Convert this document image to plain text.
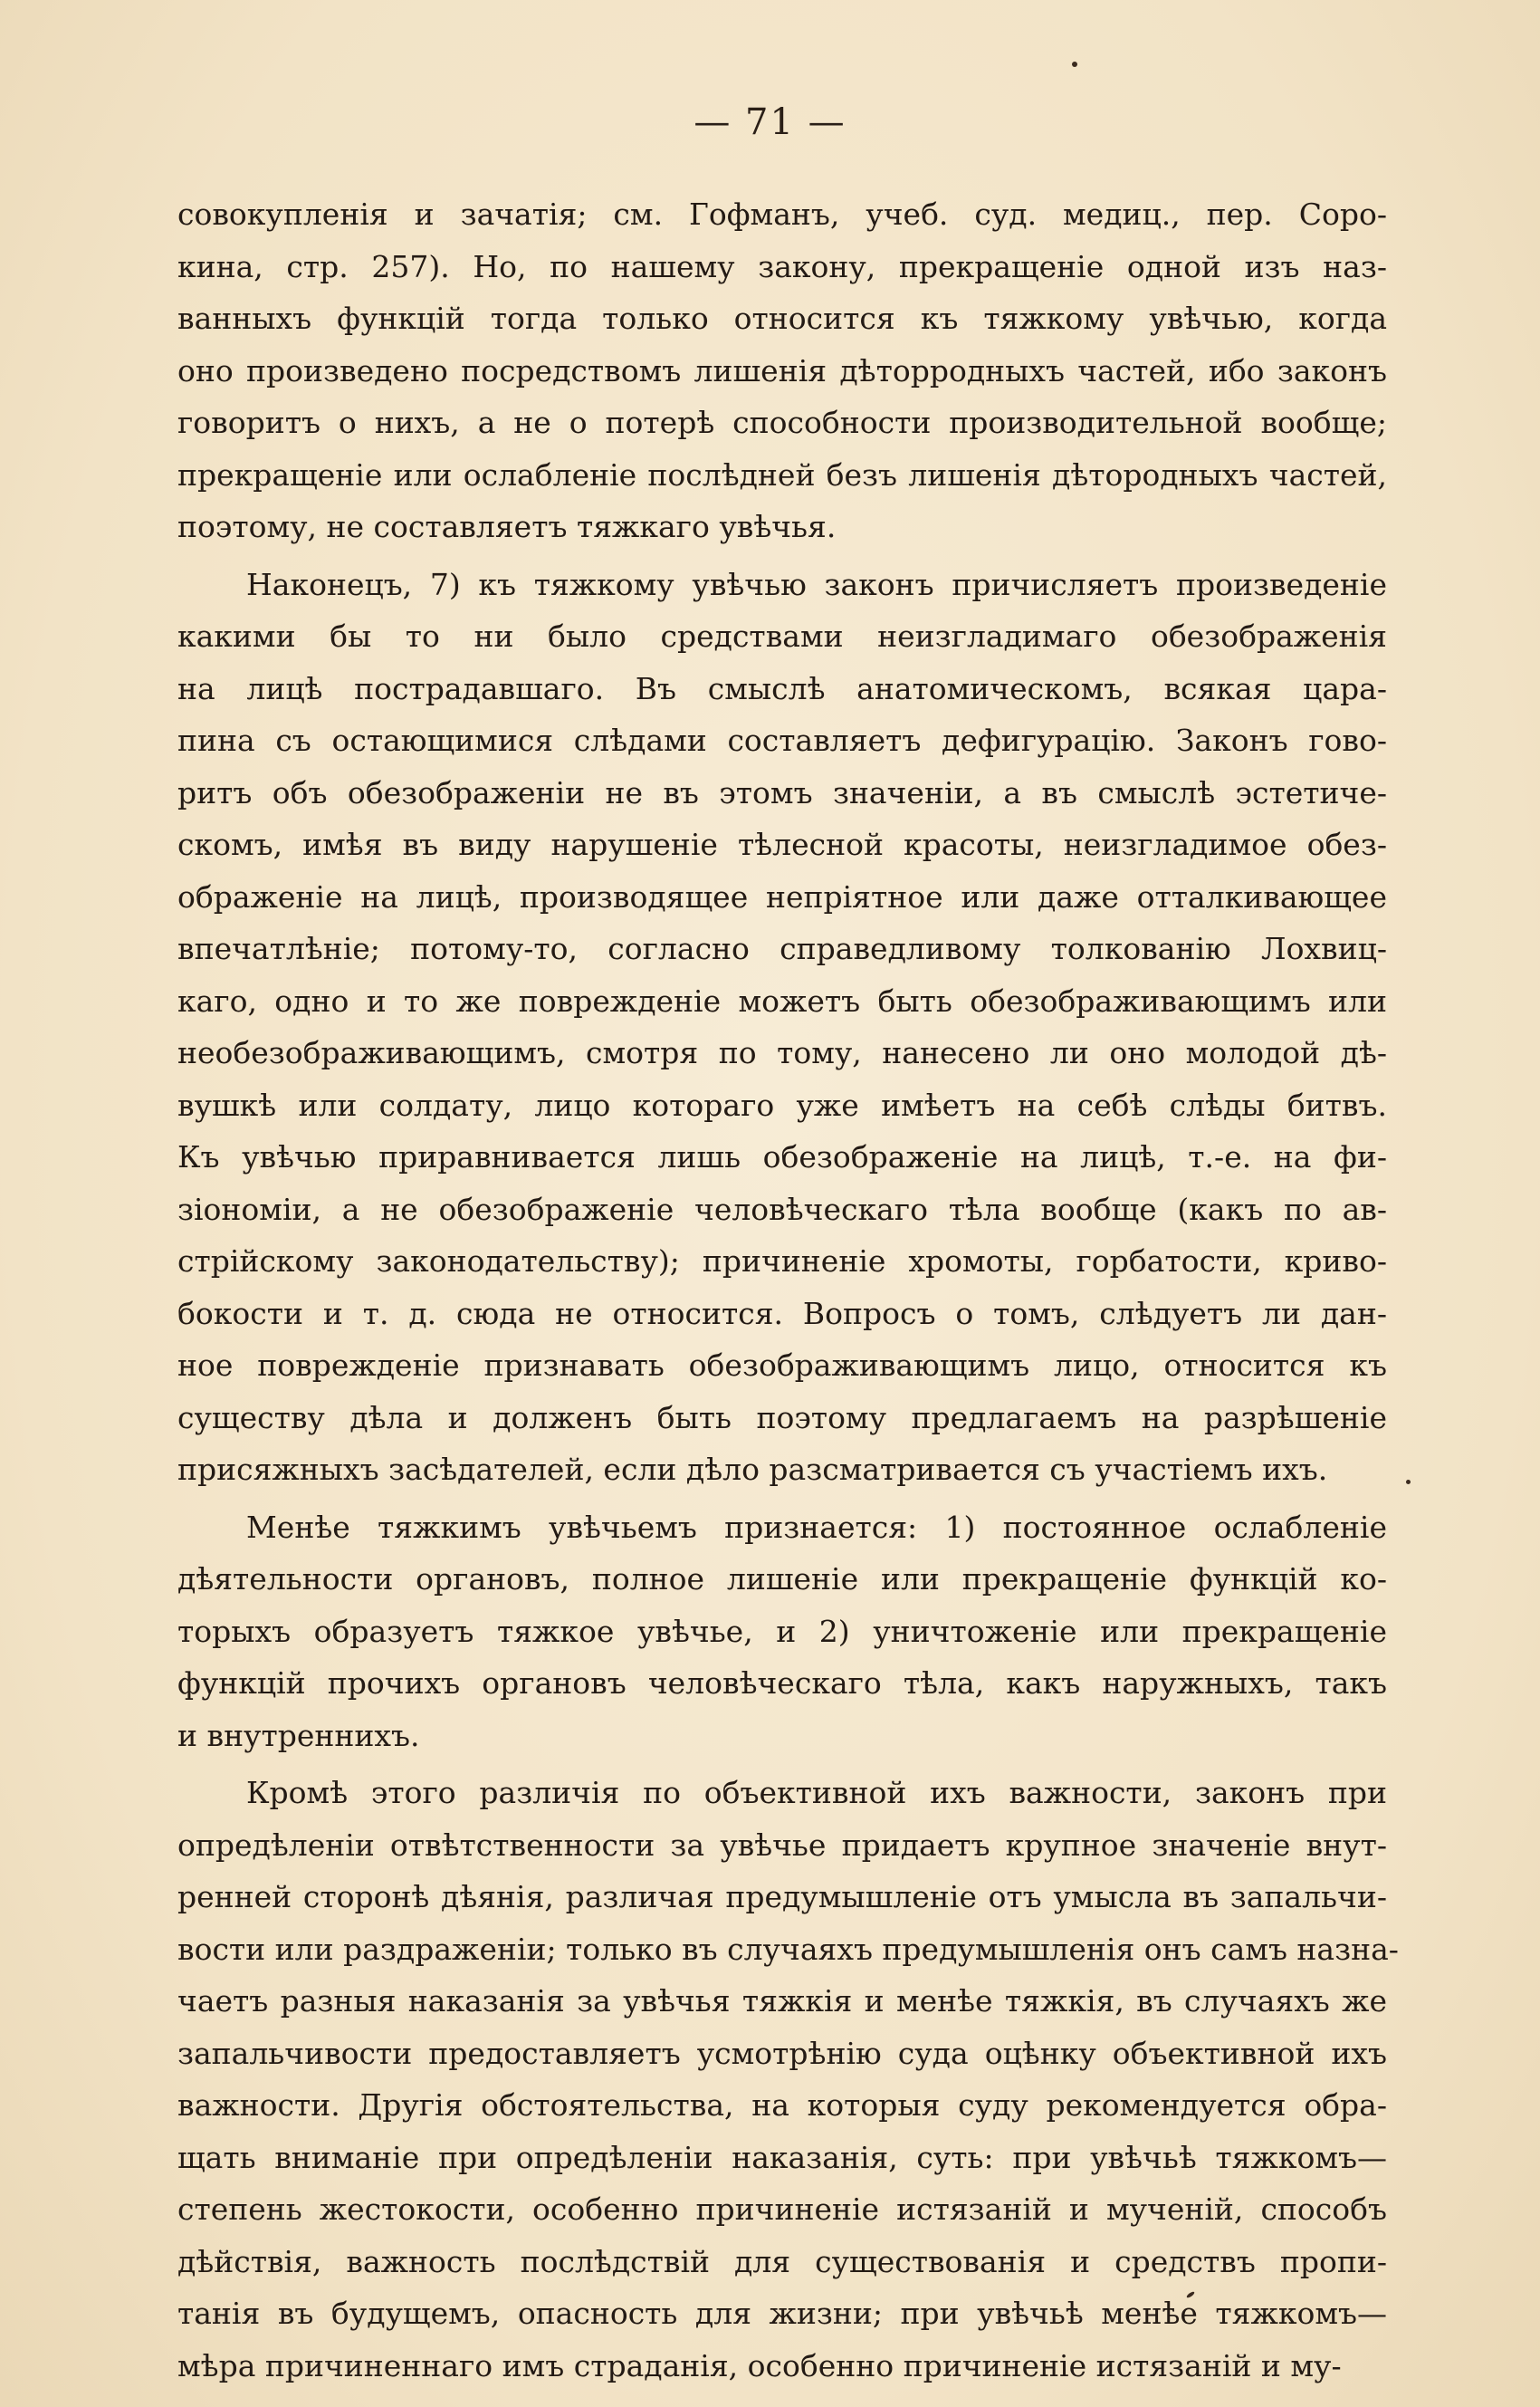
— 71 —
совокупленія и зачатія; см. Гофманъ, учеб. суд. медиц., пер. Соро-
кина, стр. 257). Но, по нашему закону, прекращеніе одной изъ наз-
ванныхъ функцій тогда только относится къ тяжкому увѣчью, когда
оно произведено посредствомъ лишенія дѣторродныхъ частей, ибо законъ
говоритъ о нихъ, а не о потерѣ способности производительной вообще;
прекращеніе или ослабленіе послѣдней безъ лишенія дѣтородныхъ частей,
поэтому, не составляетъ тяжкаго увѣчья.
Наконецъ, 7) къ тяжкому увѣчью законъ причисляетъ произведеніе
какими бы то ни было средствами неизгладимаго обезображенія
на лицѣ пострадавшаго. Въ смыслѣ анатомическомъ, всякая цара-
пина съ остающимися слѣдами составляетъ дефигурацію. Законъ гово-
ритъ объ обезображеніи не въ этомъ значеніи, а въ смыслѣ эстетиче-
скомъ, имѣя въ виду нарушеніе тѣлесной красоты, неизгладимое обез-
ображеніе на лицѣ, производящее непріятное или даже отталкивающее
впечатлѣніе; потому-то, согласно справедливому толкованію Лохвиц-
каго, одно и то же поврежденіе можетъ быть обезображивающимъ или
необезображивающимъ, смотря по тому, нанесено ли оно молодой дѣ-
вушкѣ или солдату, лицо котораго уже имѣетъ на себѣ слѣды битвъ.
Къ увѣчью приравнивается лишь обезображеніе на лицѣ, т.-е. на фи-
зіономіи, а не обезображеніе человѣческаго тѣла вообще (какъ по ав-
стрійскому законодательству); причиненіе хромоты, горбатости, криво-
бокости и т. д. сюда не относится. Вопросъ о томъ, слѣдуетъ ли дан-
ное поврежденіе признавать обезображивающимъ лицо, относится къ
существу дѣла и долженъ быть поэтому предлагаемъ на разрѣшеніе
присяжныхъ засѣдателей, если дѣло разсматривается съ участіемъ ихъ.
Менѣе тяжкимъ увѣчьемъ признается: 1) постоянное ослабленіе
дѣятельности органовъ, полное лишеніе или прекращеніе функцій ко-
торыхъ образуетъ тяжкое увѣчье, и 2) уничтоженіе или прекращеніе
функцій прочихъ органовъ человѣческаго тѣла, какъ наружныхъ, такъ
и внутреннихъ.
Кромѣ этого различія по объективной ихъ важности, законъ при
опредѣленіи отвѣтственности за увѣчье придаетъ крупное значеніе внут-
ренней сторонѣ дѣянія, различая предумышленіе отъ умысла въ запальчи-
вости или раздраженіи; только въ случаяхъ предумышленія онъ самъ назна-
чаетъ разныя наказанія за увѣчья тяжкія и менѣе тяжкія, въ случаяхъ же
запальчивости предоставляетъ усмотрѣнію суда оцѣнку объективной ихъ
важности. Другія обстоятельства, на которыя суду рекомендуется обра-
щать вниманіе при опредѣленіи наказанія, суть: при увѣчьѣ тяжкомъ—
степень жестокости, особенно причиненіе истязаній и мученій, способъ
дѣйствія, важность послѣдствій для существованія и средствъ пропи-
танія въ будущемъ, опасность для жизни; при увѣчьѣ менѣе тяжкомъ—
мѣра причиненнаго имъ страданія, особенно причиненіе истязаній и му-
